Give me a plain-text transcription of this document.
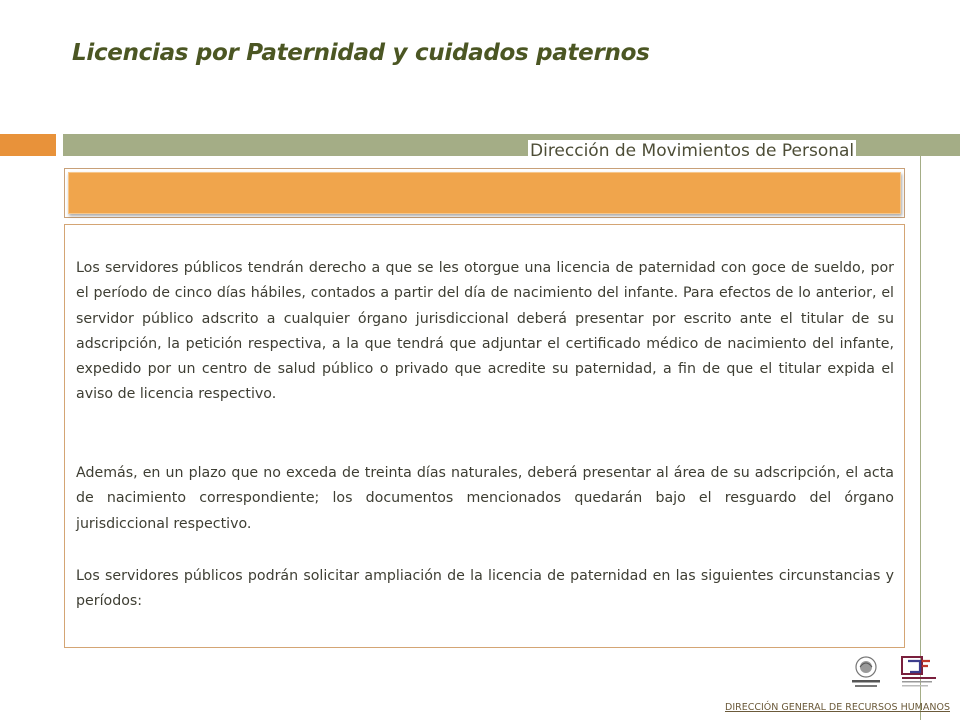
Licencias por Paternidad y cuidados paternos
Dirección de Movimientos de Personal

Los servidores públicos tendrán derecho a que se les otorgue una licencia de paternidad con goce de sueldo, por el período de cinco días hábiles, contados a partir del día de nacimiento del infante. Para efectos de lo anterior, el servidor público adscrito a cualquier órgano jurisdiccional deberá presentar por escrito ante el titular de su adscripción, la petición respectiva, a la que tendrá que adjuntar el certificado médico de nacimiento del infante, expedido por un centro de salud público o privado que acredite su paternidad, a fin de que el titular expida el aviso de licencia respectivo.

Además, en un plazo que no exceda de treinta días naturales, deberá presentar al área de su adscripción, el acta de nacimiento correspondiente; los documentos mencionados quedarán bajo el resguardo del órgano jurisdiccional respectivo.

Los servidores públicos podrán solicitar ampliación de la licencia de paternidad en las siguientes circunstancias y períodos:

DIRECCIÓN GENERAL DE RECURSOS HUMANOS
